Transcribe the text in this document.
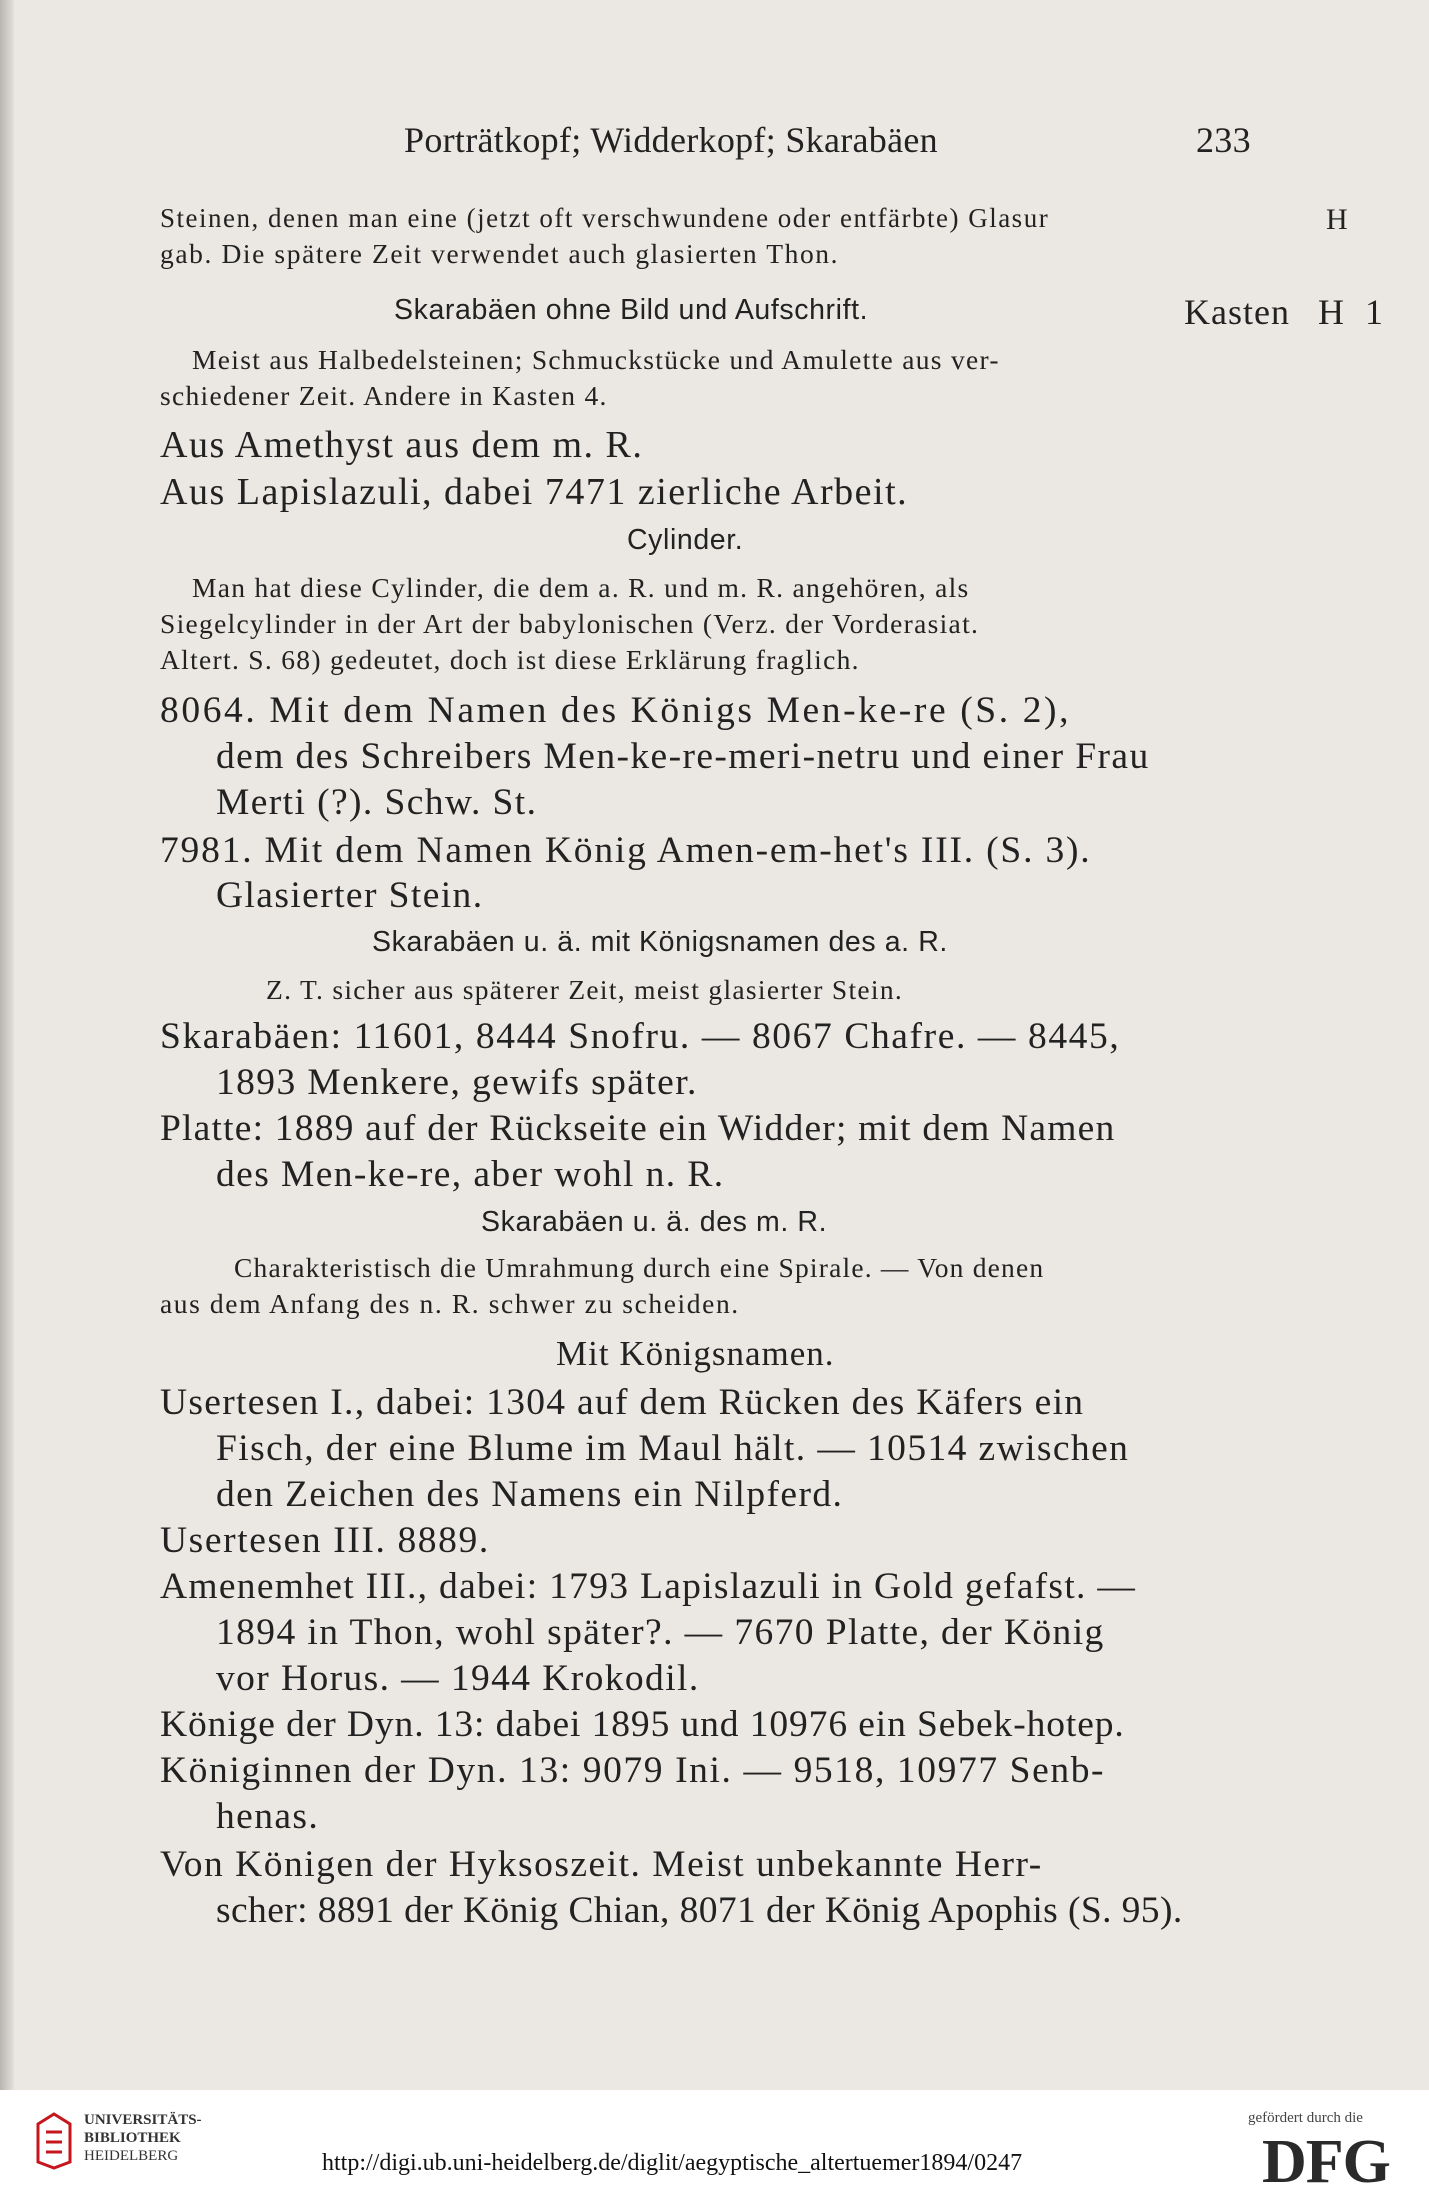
Porträtkopf; Widderkopf; Skarabäen	233
Steinen, denen man eine (jetzt oft verschwundene oder entfärbte) Glasur	H
gab. Die spätere Zeit verwendet auch glasierten Thon.
Skarabäen ohne Bild und Aufschrift.	Kasten H 1
Meist aus Halbedelsteinen; Schmuckstücke und Amulette aus ver-
schiedener Zeit. Andere in Kasten 4.
Aus Amethyst aus dem m. R.
Aus Lapislazuli, dabei 7471 zierliche Arbeit.
Cylinder.
Man hat diese Cylinder, die dem a. R. und m. R. angehören, als
Siegelcylinder in der Art der babylonischen (Verz. der Vorderasiat.
Altert. S. 68) gedeutet, doch ist diese Erklärung fraglich.
8064. Mit dem Namen des Königs Men-ke-re (S. 2),
dem des Schreibers Men-ke-re-meri-netru und einer Frau
Merti (?). Schw. St.
7981. Mit dem Namen König Amen-em-het's III. (S. 3).
Glasierter Stein.
Skarabäen u. ä. mit Königsnamen des a. R.
Z. T. sicher aus späterer Zeit, meist glasierter Stein.
Skarabäen: 11601, 8444 Snofru. — 8067 Chafre. — 8445,
1893 Menkere, gewifs später.
Platte: 1889 auf der Rückseite ein Widder; mit dem Namen
des Men-ke-re, aber wohl n. R.
Skarabäen u. ä. des m. R.
Charakteristisch die Umrahmung durch eine Spirale. — Von denen
aus dem Anfang des n. R. schwer zu scheiden.
Mit Königsnamen.
Usertesen I., dabei: 1304 auf dem Rücken des Käfers ein
Fisch, der eine Blume im Maul hält. — 10514 zwischen
den Zeichen des Namens ein Nilpferd.
Usertesen III. 8889.
Amenemhet III., dabei: 1793 Lapislazuli in Gold gefafst. —
1894 in Thon, wohl später?. — 7670 Platte, der König
vor Horus. — 1944 Krokodil.
Könige der Dyn. 13: dabei 1895 und 10976 ein Sebek-hotep.
Königinnen der Dyn. 13: 9079 Ini. — 9518, 10977 Senb-
henas.
Von Königen der Hyksoszeit. Meist unbekannte Herr-
scher: 8891 der König Chian, 8071 der König Apophis (S. 95).
UNIVERSITÄTS-
BIBLIOTHEK
HEIDELBERG	http://digi.ub.uni-heidelberg.de/diglit/aegyptische_altertuemer1894/0247
gefördert durch die
DFG
